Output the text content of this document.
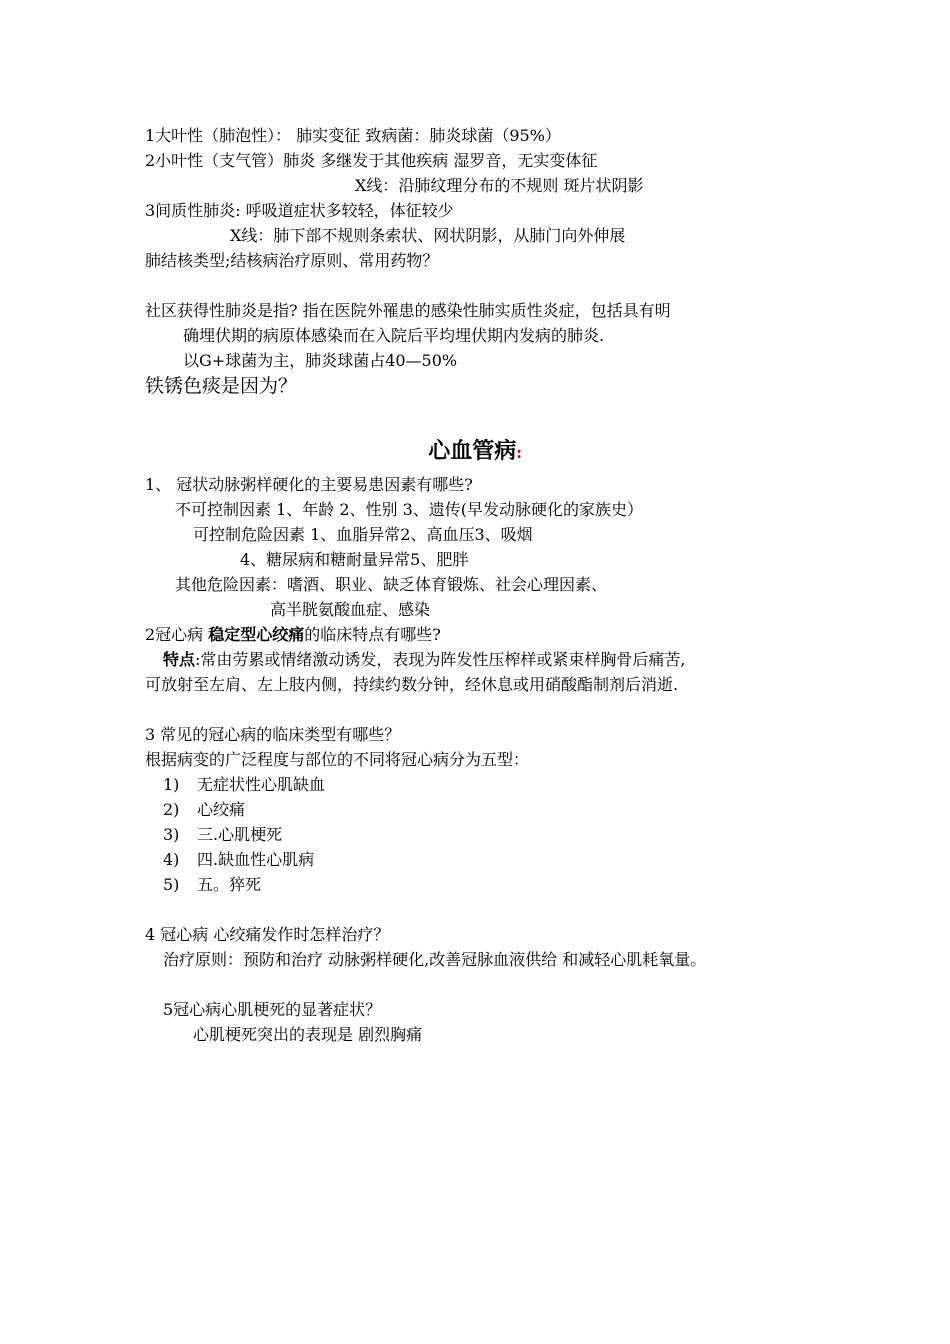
1大叶性（肺泡性）： 肺实变征 致病菌：肺炎球菌（95%）
2小叶性（支气管）肺炎 多继发于其他疾病 湿罗音，无实变体征
X线：沿肺纹理分布的不规则 斑片状阴影
3间质性肺炎: 呼吸道症状多较轻，体征较少
X线：肺下部不规则条索状、网状阴影，从肺门向外伸展
肺结核类型;结核病治疗原则、常用药物？
社区获得性肺炎是指? 指在医院外罹患的感染性肺实质性炎症，包括具有明
确埋伏期的病原体感染而在入院后平均埋伏期内发病的肺炎.
以G+球菌为主，肺炎球菌占40—50%
铁锈色痰是因为？
心血管病:
1、 冠状动脉粥样硬化的主要易患因素有哪些?
不可控制因素 1、年龄 2、性别 3、遗传(早发动脉硬化的家族史）
可控制危险因素 1、血脂异常2、高血压3、吸烟
4、糖尿病和糖耐量异常5、肥胖
其他危险因素：嗜酒、职业、缺乏体育锻炼、社会心理因素、
高半胱氨酸血症、感染
2冠心病 稳定型心绞痛的临床特点有哪些?
特点:常由劳累或情绪激动诱发，表现为阵发性压榨样或紧束样胸骨后痛苦,
可放射至左肩、左上肢内侧，持续约数分钟，经休息或用硝酸酯制剂后消逝.
3 常见的冠心病的临床类型有哪些？
根据病变的广泛程度与部位的不同将冠心病分为五型：
1) 无症状性心肌缺血
2) 心绞痛
3) 三.心肌梗死
4) 四.缺血性心肌病
5) 五。猝死
4 冠心病 心绞痛发作时怎样治疗？
治疗原则：预防和治疗 动脉粥样硬化,改善冠脉血液供给 和减轻心肌耗氧量。
5冠心病心肌梗死的显著症状？
心肌梗死突出的表现是 剧烈胸痛
